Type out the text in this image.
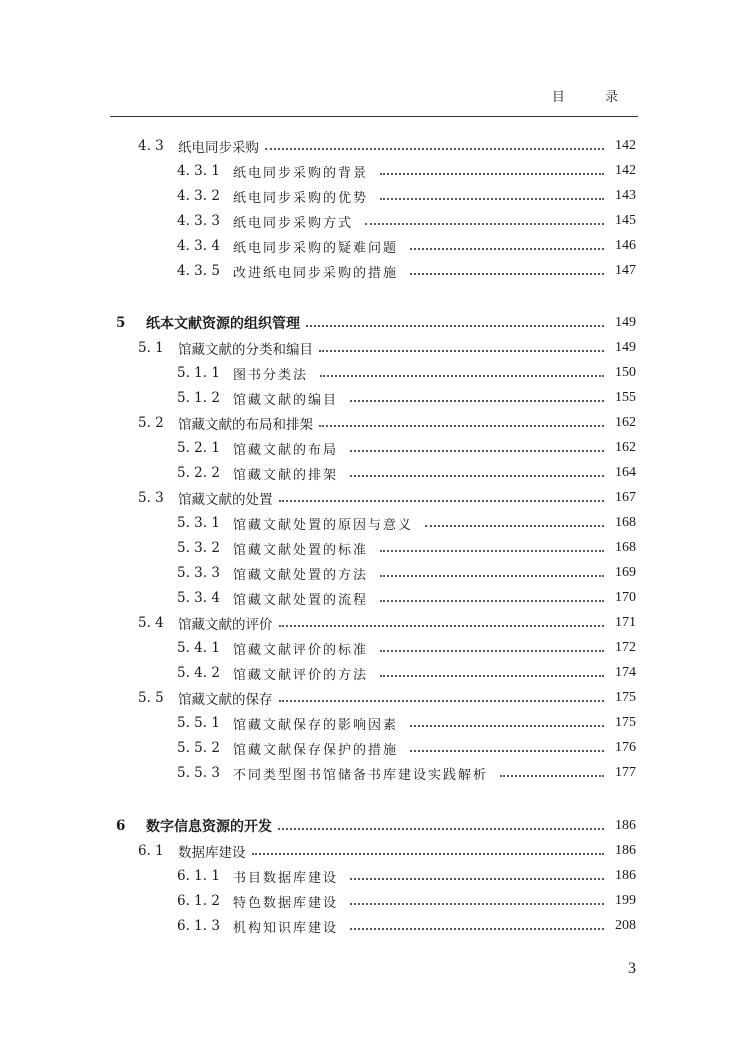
目 录
4. 3	纸电同步采购	142
4. 3. 1	纸电同步采购的背景	142
4. 3. 2	纸电同步采购的优势	143
4. 3. 3	纸电同步采购方式	145
4. 3. 4	纸电同步采购的疑难问题	146
4. 3. 5	改进纸电同步采购的措施	147
5	纸本文献资源的组织管理	149
5. 1	馆藏文献的分类和编目	149
5. 1. 1	图书分类法	150
5. 1. 2	馆藏文献的编目	155
5. 2	馆藏文献的布局和排架	162
5. 2. 1	馆藏文献的布局	162
5. 2. 2	馆藏文献的排架	164
5. 3	馆藏文献的处置	167
5. 3. 1	馆藏文献处置的原因与意义	168
5. 3. 2	馆藏文献处置的标准	168
5. 3. 3	馆藏文献处置的方法	169
5. 3. 4	馆藏文献处置的流程	170
5. 4	馆藏文献的评价	171
5. 4. 1	馆藏文献评价的标准	172
5. 4. 2	馆藏文献评价的方法	174
5. 5	馆藏文献的保存	175
5. 5. 1	馆藏文献保存的影响因素	175
5. 5. 2	馆藏文献保存保护的措施	176
5. 5. 3	不同类型图书馆储备书库建设实践解析	177
6	数字信息资源的开发	186
6. 1	数据库建设	186
6. 1. 1	书目数据库建设	186
6. 1. 2	特色数据库建设	199
6. 1. 3	机构知识库建设	208
3
